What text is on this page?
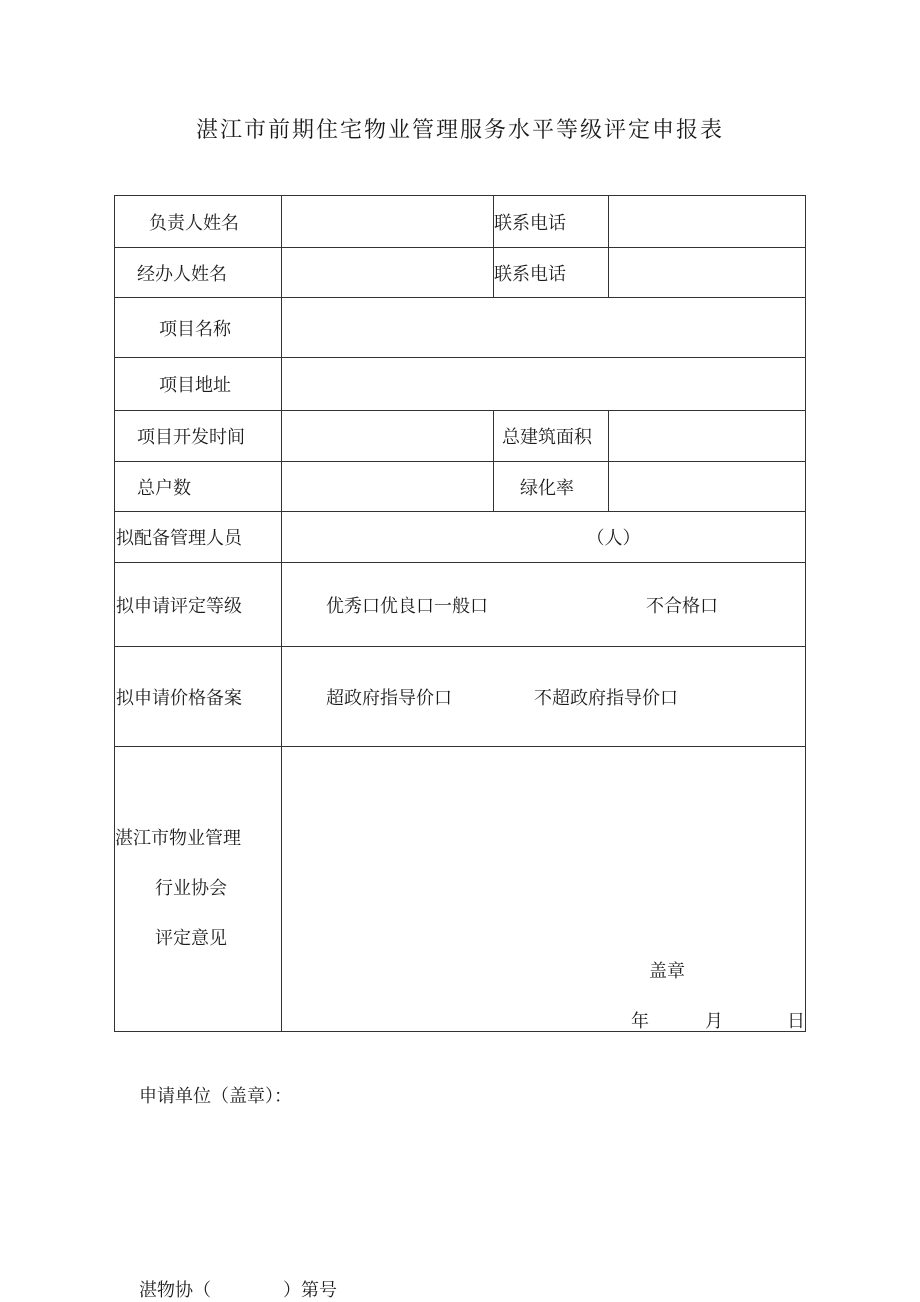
湛江市前期住宅物业管理服务水平等级评定申报表
负责人姓名		联系电话	
经办人姓名		联系电话	
项目名称			
项目地址			
项目开发时间		总建筑面积	
总户数		绿化率	
拟配备管理人员	（人）		
拟申请评定等级	优秀口优良口一般口 不合格口		

拟申请价格备案	超政府指导价口 不超政府指导价口		

湛江市物业管理
行业协会
评定意见	盖章
年 月 日		
申请单位（盖章）：
湛物协（　　　　）第号
